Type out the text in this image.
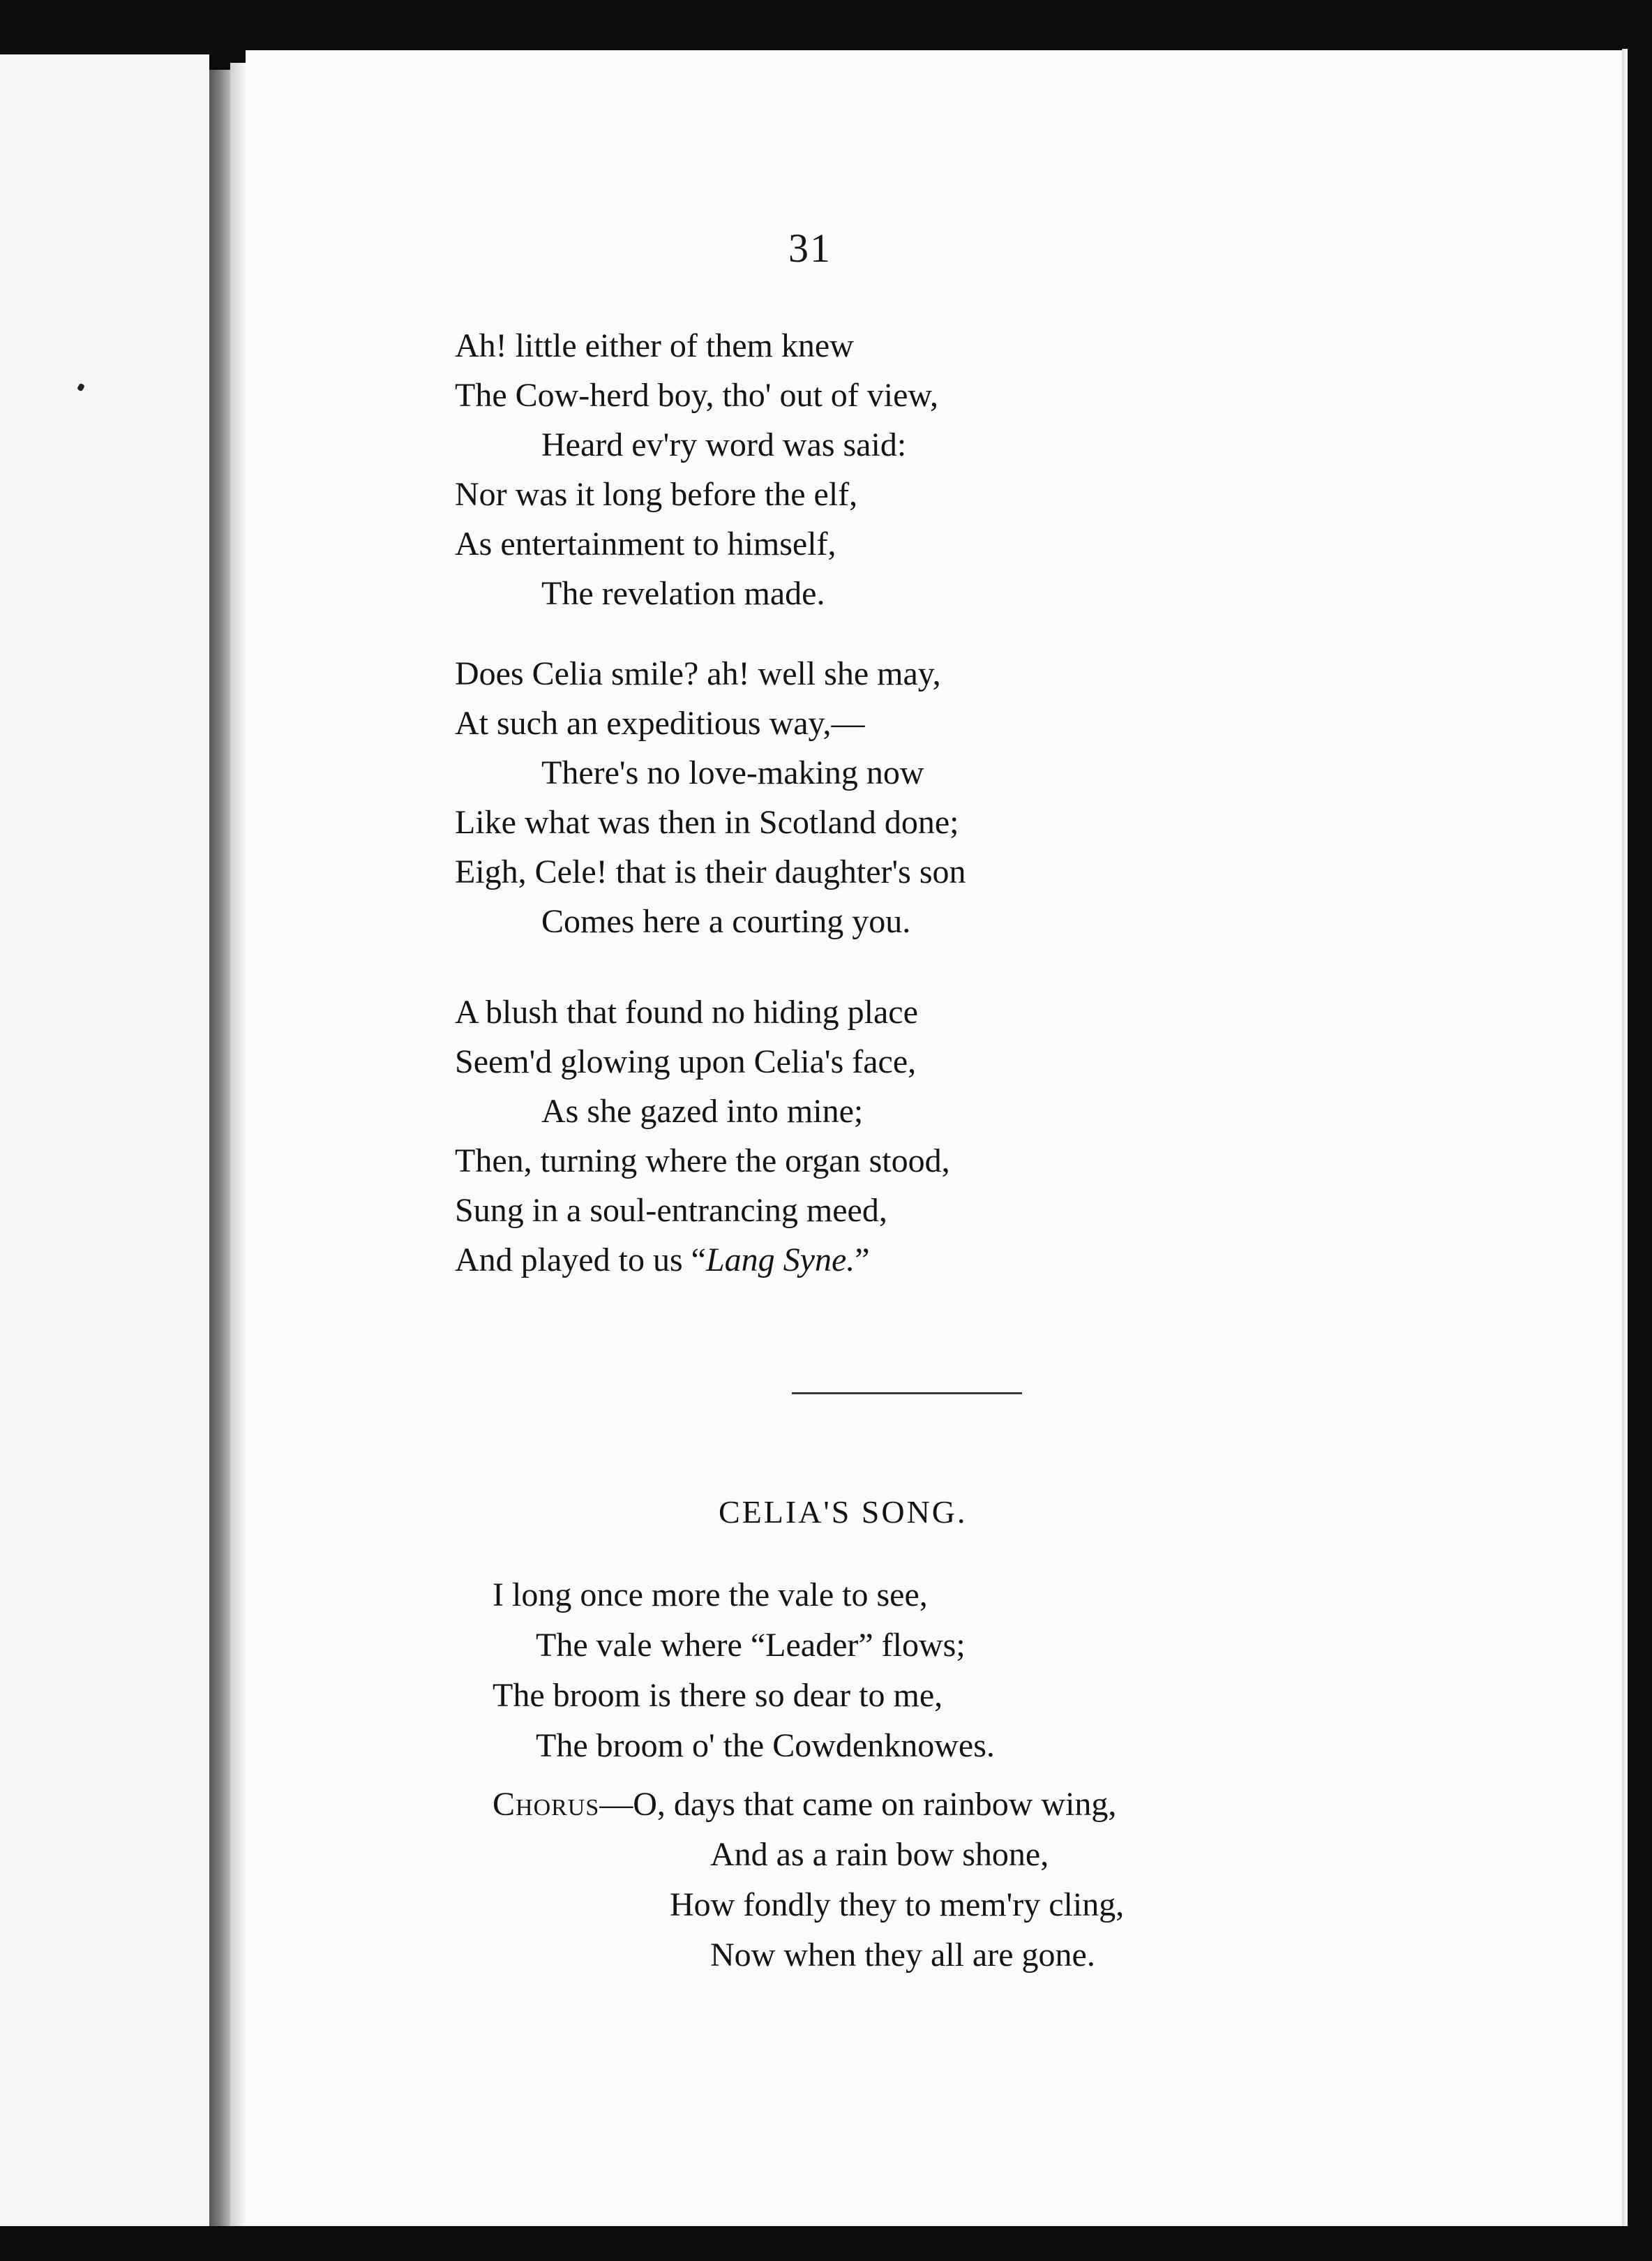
31
Ah! little either of them knew
The Cow-herd boy, tho' out of view,
Heard ev'ry word was said:
Nor was it long before the elf,
As entertainment to himself,
The revelation made.
Does Celia smile? ah! well she may,
At such an expeditious way,—
There's no love-making now
Like what was then in Scotland done;
Eigh, Cele! that is their daughter's son
Comes here a courting you.
A blush that found no hiding place
Seem'd glowing upon Celia's face,
As she gazed into mine;
Then, turning where the organ stood,
Sung in a soul-entrancing meed,
And played to us “Lang Syne.”
CELIA'S SONG.
I long once more the vale to see,
The vale where “Leader” flows;
The broom is there so dear to me,
The broom o' the Cowdenknowes.
Chorus—O, days that came on rainbow wing,
And as a rain bow shone,
How fondly they to mem'ry cling,
Now when they all are gone.
